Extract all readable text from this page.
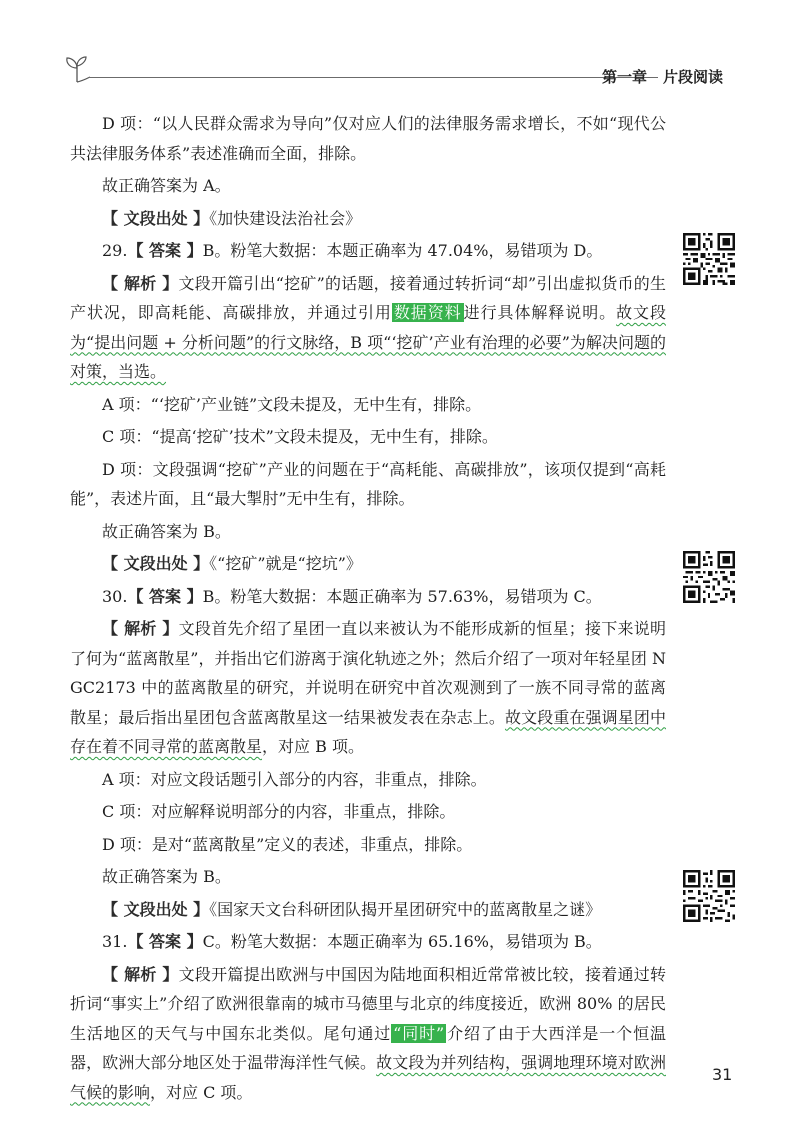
第一章 片段阅读

D 项：“以人民群众需求为导向”仅对应人们的法律服务需求增长，不如“现代公共法律服务体系”表述准确而全面，排除。

故正确答案为 A。

【 文段出处 】《加快建设法治社会》

29.【 答案 】B。粉笔大数据：本题正确率为 47.04%，易错项为 D。

【 解析 】文段开篇引出“挖矿”的话题，接着通过转折词“却”引出虚拟货币的生产状况，即高耗能、高碳排放，并通过引用 数据资料 进行具体解释说明。故文段为“提出问题 + 分析问题”的行文脉络，B 项“‘挖矿’产业有治理的必要”为解决问题的对策，当选。

A 项：“‘挖矿’产业链”文段未提及，无中生有，排除。

C 项：“提高‘挖矿’技术”文段未提及，无中生有，排除。

D 项：文段强调“挖矿”产业的问题在于“高耗能、高碳排放”，该项仅提到“高耗能”，表述片面，且“最大掣肘”无中生有，排除。

故正确答案为 B。

【 文段出处 】《“挖矿”就是“挖坑”》

30.【 答案 】B。粉笔大数据：本题正确率为 57.63%，易错项为 C。

【 解析 】文段首先介绍了星团一直以来被认为不能形成新的恒星；接下来说明了何为“蓝离散星”，并指出它们游离于演化轨迹之外；然后介绍了一项对年轻星团 NGC2173 中的蓝离散星的研究，并说明在研究中首次观测到了一族不同寻常的蓝离散星；最后指出星团包含蓝离散星这一结果被发表在杂志上。故文段重在强调星团中存在着不同寻常的蓝离散星，对应 B 项。

A 项：对应文段话题引入部分的内容，非重点，排除。

C 项：对应解释说明部分的内容，非重点，排除。

D 项：是对“蓝离散星”定义的表述，非重点，排除。

故正确答案为 B。

【 文段出处 】《国家天文台科研团队揭开星团研究中的蓝离散星之谜》

31.【 答案 】C。粉笔大数据：本题正确率为 65.16%，易错项为 B。

【 解析 】文段开篇提出欧洲与中国因为陆地面积相近常常被比较，接着通过转折词“事实上”介绍了欧洲很靠南的城市马德里与北京的纬度接近，欧洲 80% 的居民生活地区的天气与中国东北类似。尾句通过 “同时” 介绍了由于大西洋是一个恒温器，欧洲大部分地区处于温带海洋性气候。故文段为并列结构，强调地理环境对欧洲气候的影响，对应 C 项。

31
